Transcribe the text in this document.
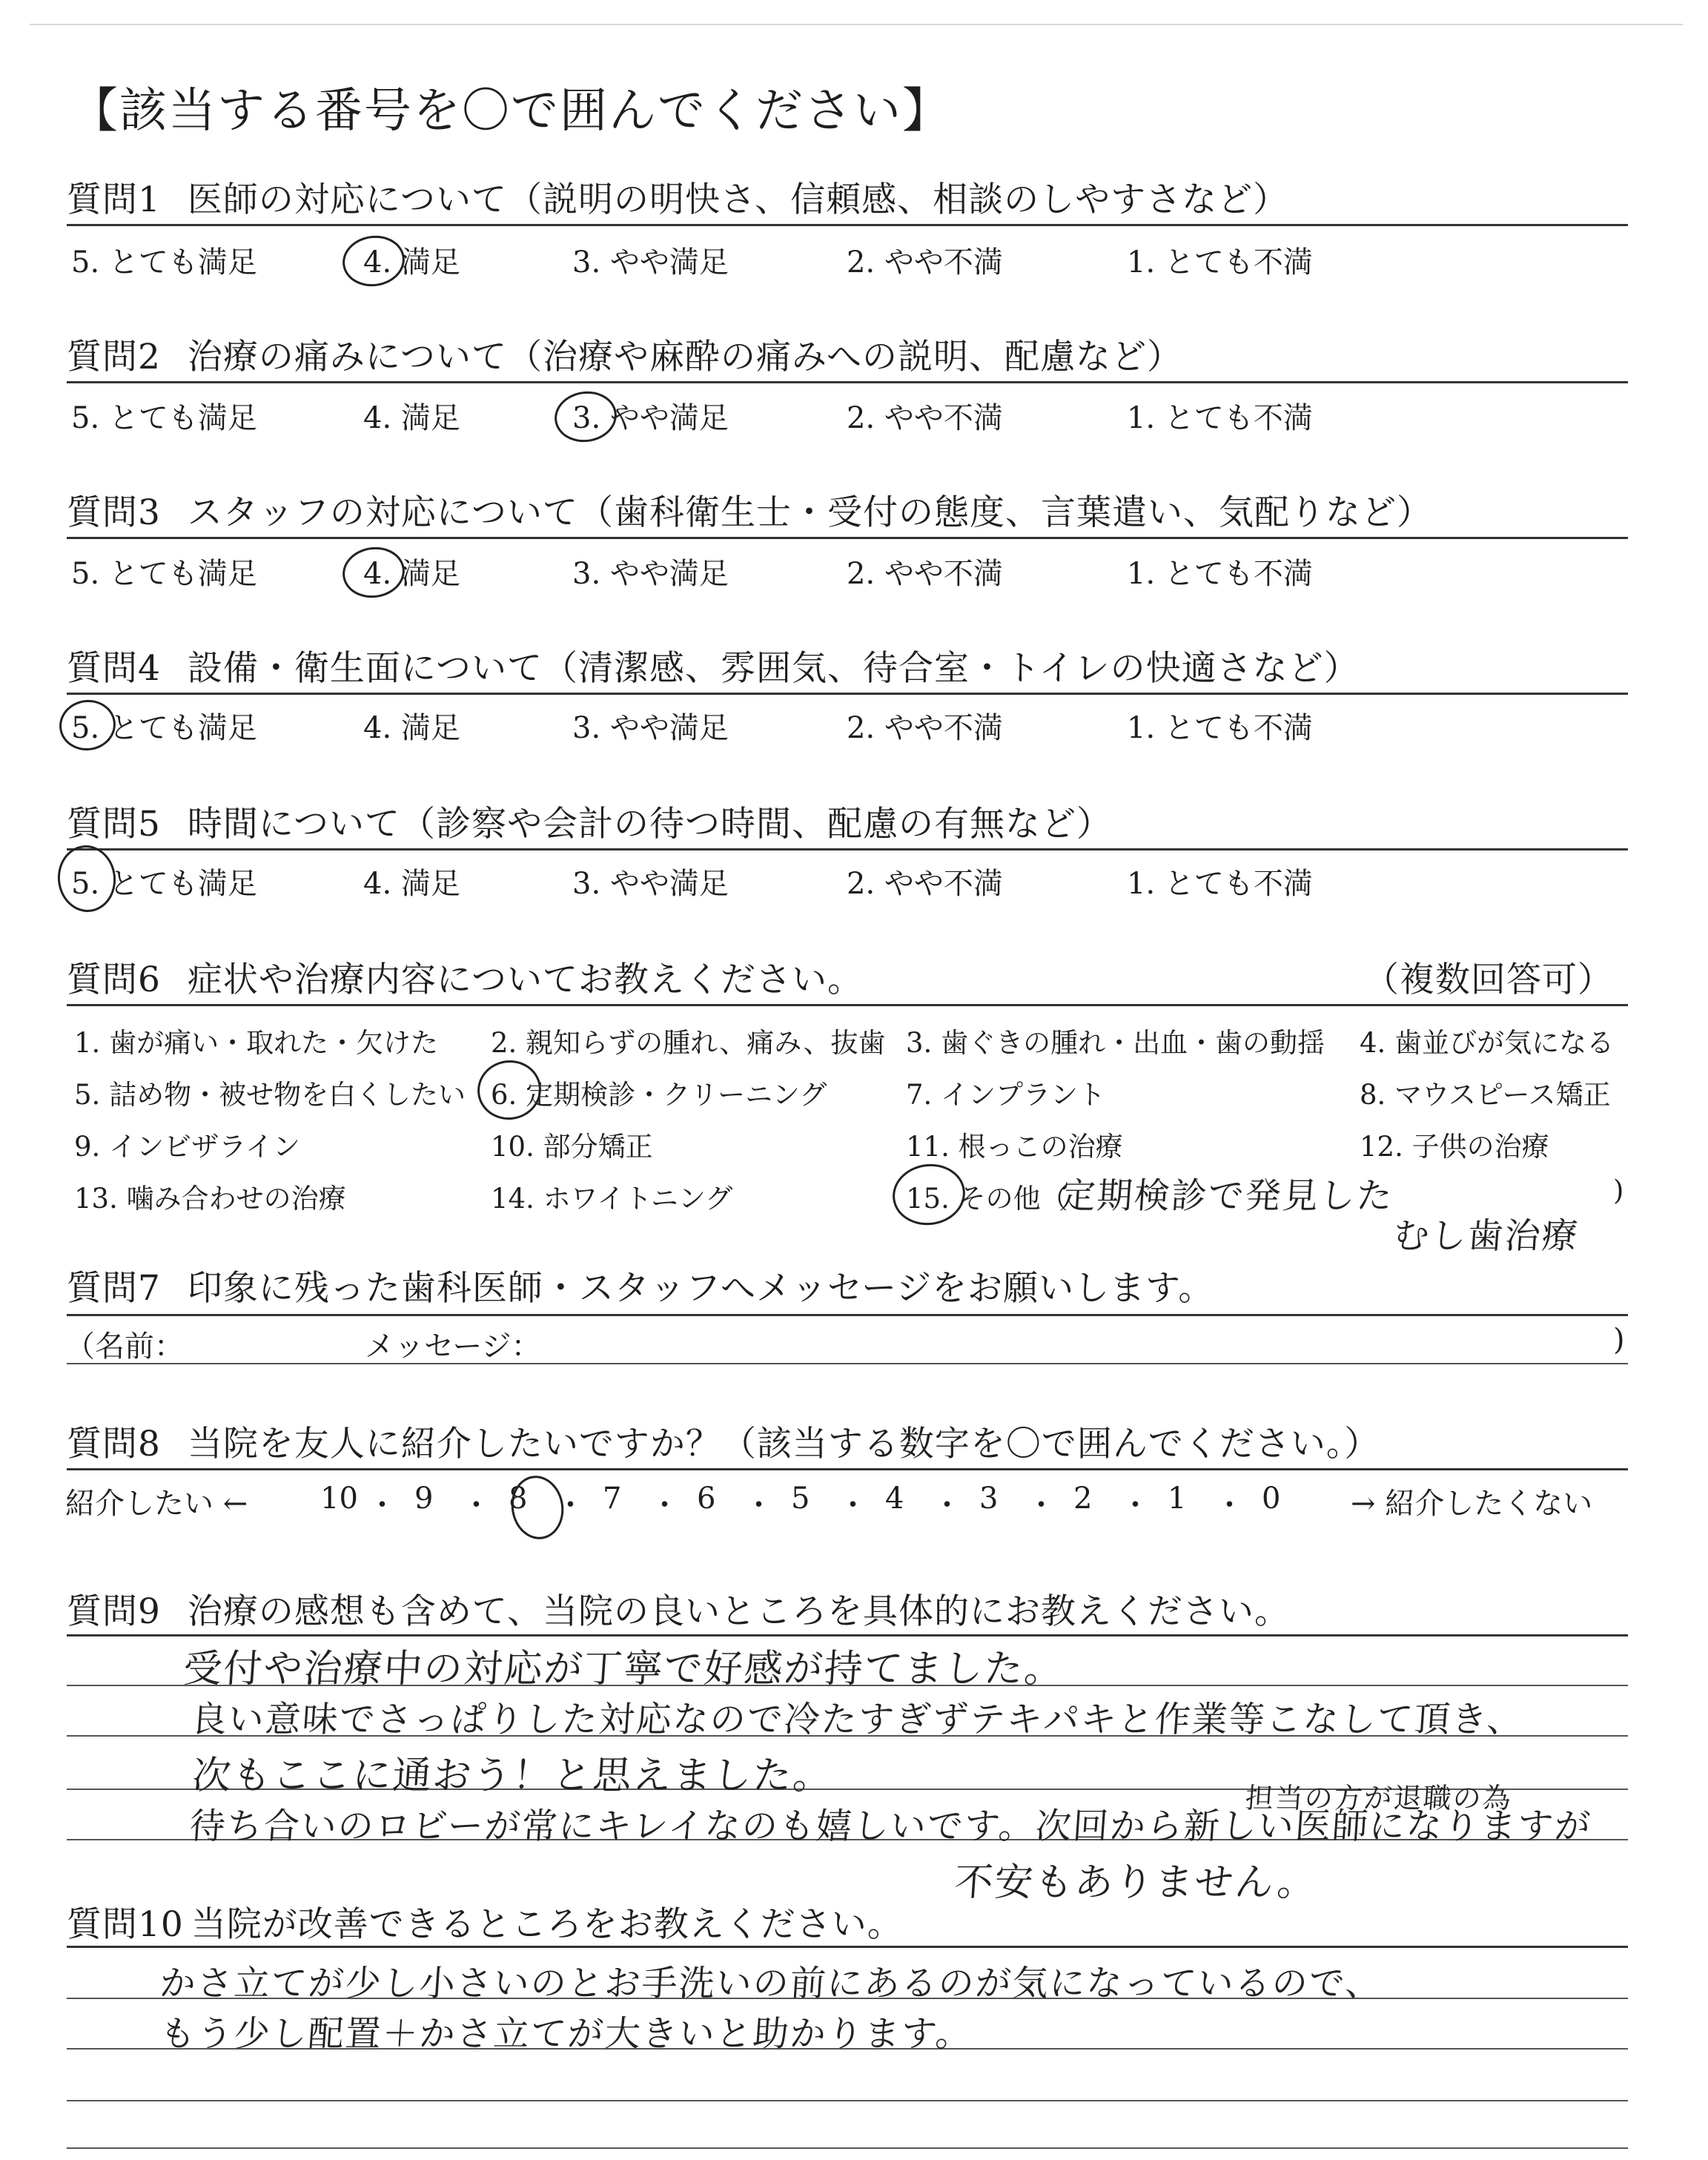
【該当する番号を〇で囲んでください】
質問1 医師の対応について（説明の明快さ、信頼感、相談のしやすさなど）
5. とても満足	4. 満足	3. やや満足	2. やや不満	1. とても不満
質問2 治療の痛みについて（治療や麻酔の痛みへの説明、配慮など）
5. とても満足	4. 満足	3. やや満足	2. やや不満	1. とても不満
質問3 スタッフの対応について（歯科衛生士・受付の態度、言葉遣い、気配りなど）
5. とても満足	4. 満足	3. やや満足	2. やや不満	1. とても不満
質問4 設備・衛生面について（清潔感、雰囲気、待合室・トイレの快適さなど）
5. とても満足	4. 満足	3. やや満足	2. やや不満	1. とても不満
質問5 時間について（診察や会計の待つ時間、配慮の有無など）
5. とても満足	4. 満足	3. やや満足	2. やや不満	1. とても不満
質問6 症状や治療内容についてお教えください。	（複数回答可）
1. 歯が痛い・取れた・欠けた 2. 親知らずの腫れ、痛み、抜歯 3. 歯ぐきの腫れ・出血・歯の動揺 4. 歯並びが気になる
5. 詰め物・被せ物を白くしたい 6. 定期検診・クリーニング	7. インプラント	8. マウスピース矯正
9. インビザライン	10. 部分矯正	11. 根っこの治療	12. 子供の治療
13. 噛み合わせの治療	14. ホワイトニング	15. その他（
定期検診で発見した	)
むし歯治療
質問7 印象に残った歯科医師・スタッフへメッセージをお願いします。
（名前：	メッセージ：	)
質問8 当院を友人に紹介したいですか？（該当する数字を〇で囲んでください。）
紹介したい ←	→ 紹介したくない
10 ・ 9 ・ 8 ・ 7 ・ 6 ・ 5 ・ 4 ・ 3 ・ 2 ・ 1 ・ 0
質問9 治療の感想も含めて、当院の良いところを具体的にお教えください。
受付や治療中の対応が丁寧で好感が持てました。
良い意味でさっぱりした対応なので冷たすぎずテキパキと作業等こなして頂き、
次もここに通おう！と思えました。	担当の方が退職の為
待ち合いのロビーが常にキレイなのも嬉しいです。次回から新しい医師になりますが
不安もありません。
質問10 当院が改善できるところをお教えください。
かさ立てが少し小さいのとお手洗いの前にあるのが気になっているので、
もう少し配置＋かさ立てが大きいと助かります。
